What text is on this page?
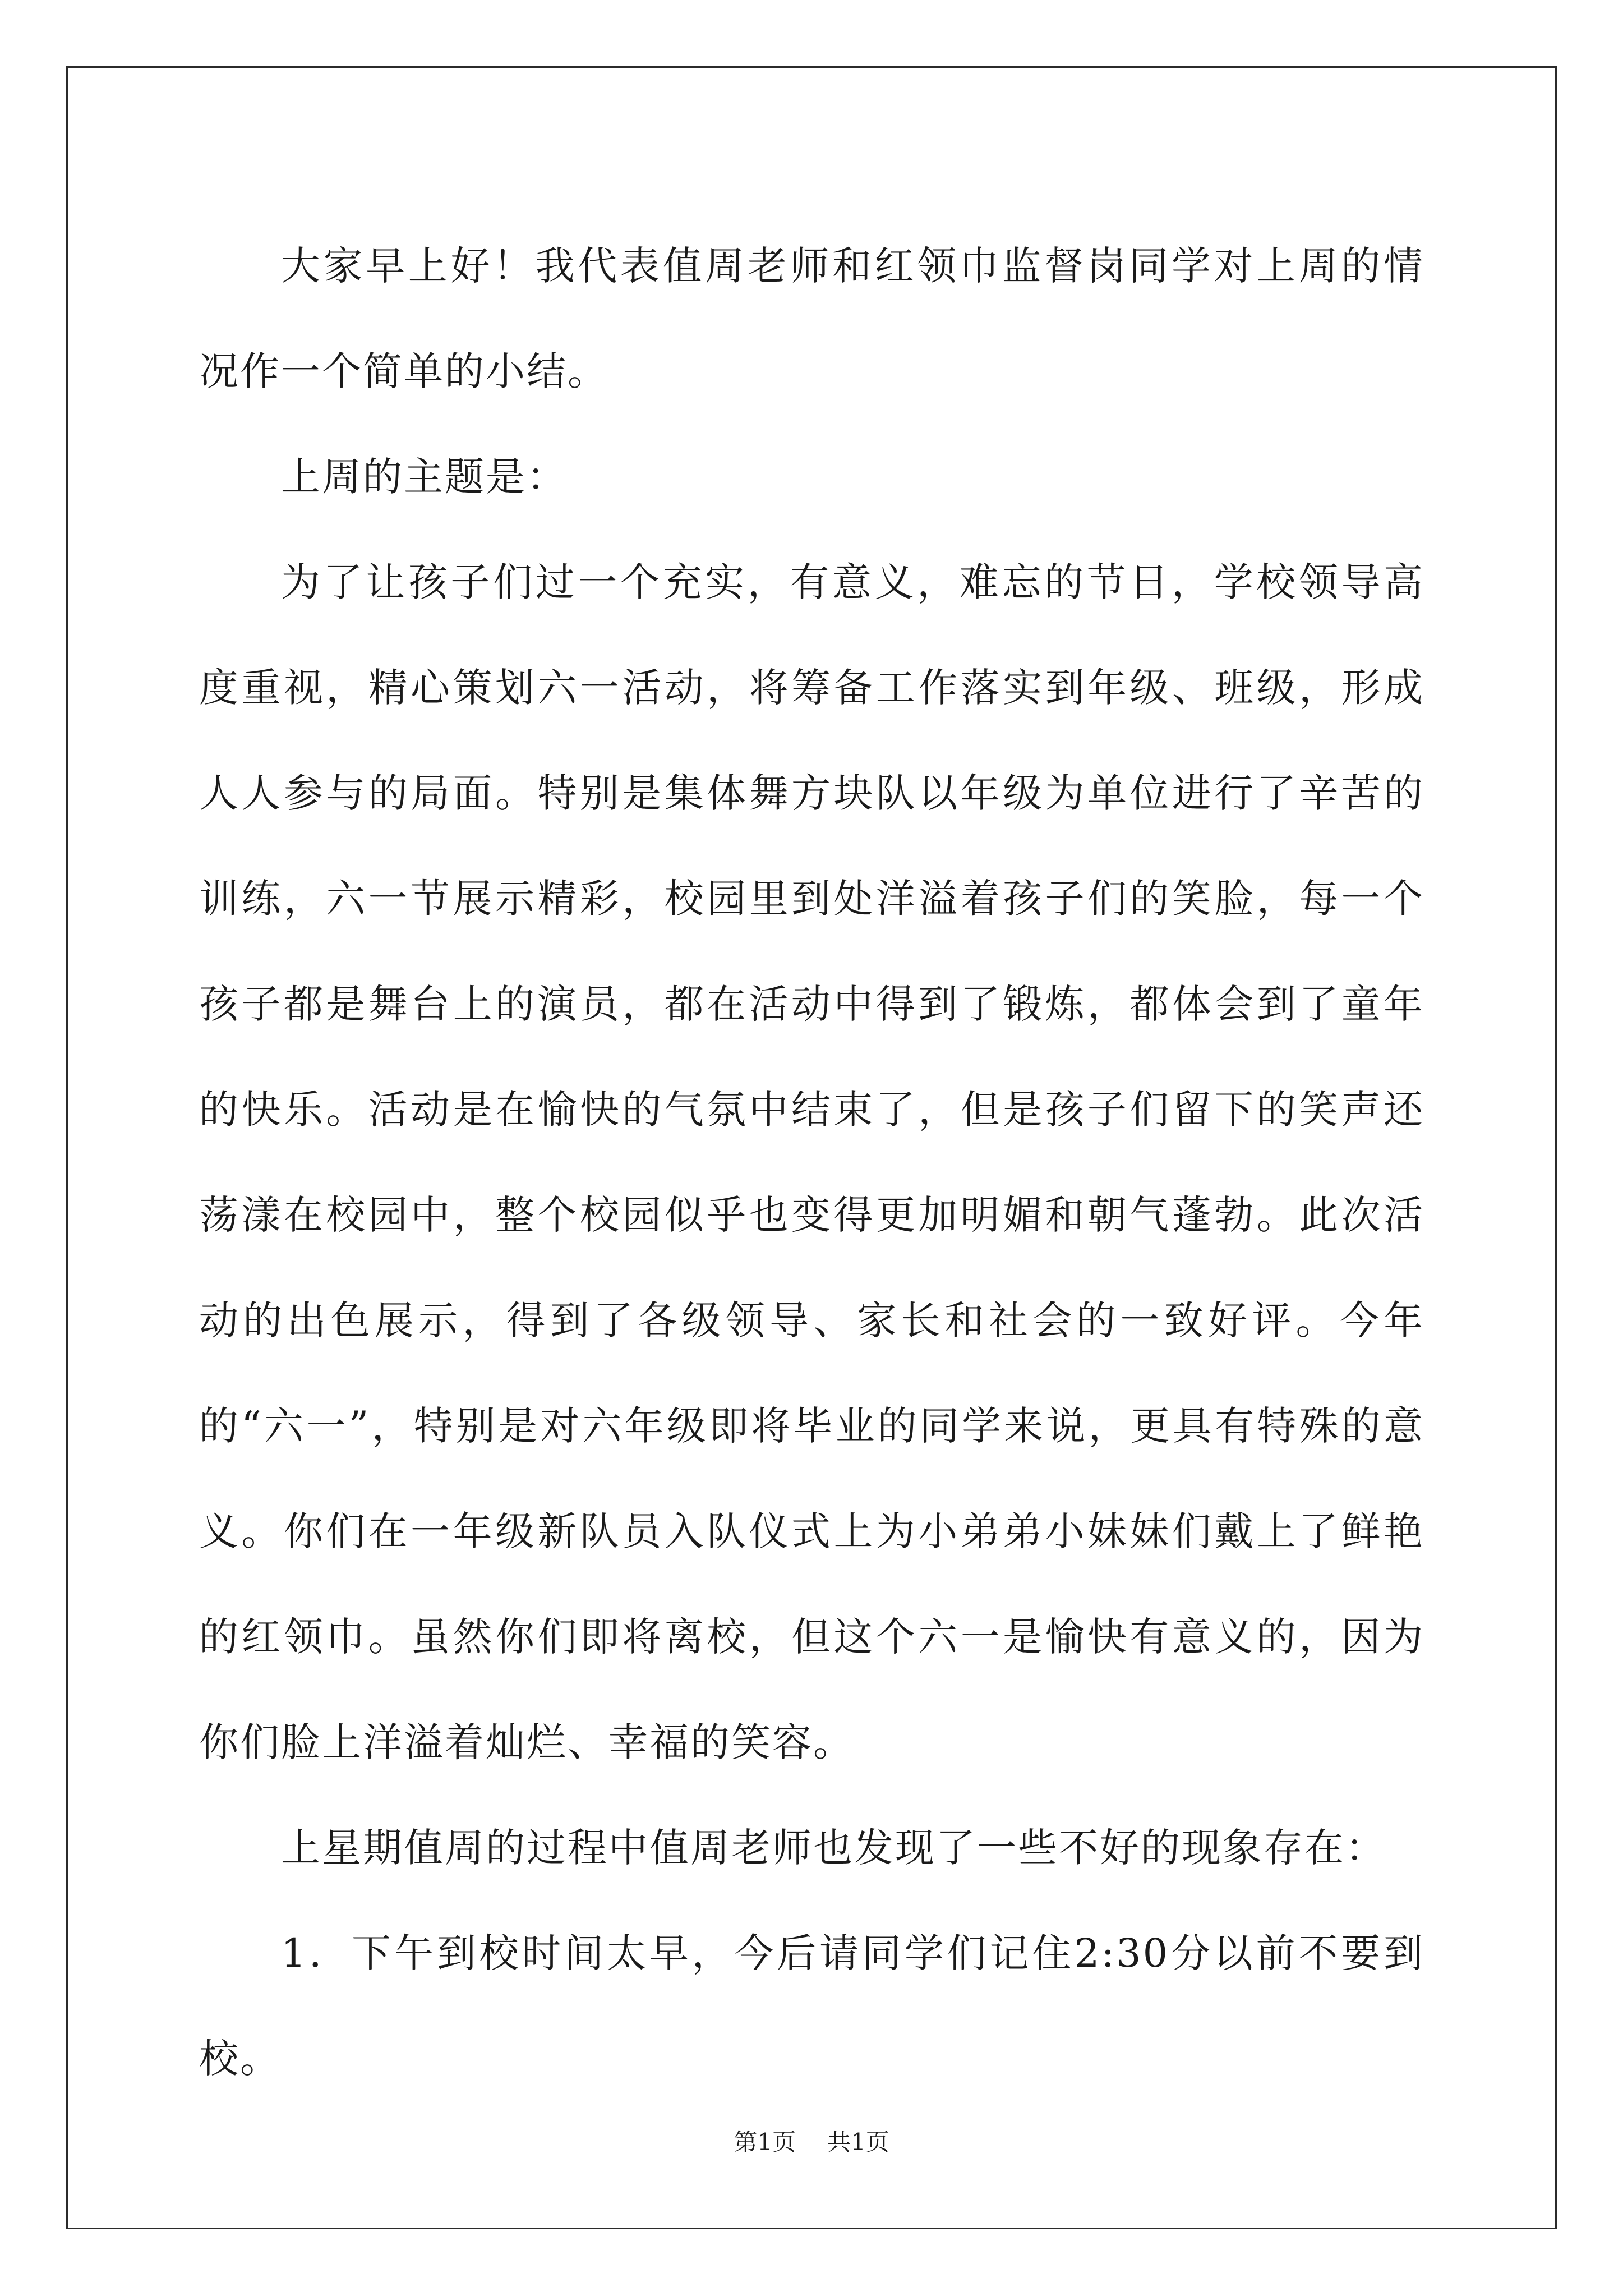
大家早上好！我代表值周老师和红领巾监督岗同学对上周的情况作一个简单的小结。

上周的主题是：

为了让孩子们过一个充实，有意义，难忘的节日，学校领导高度重视，精心策划六一活动，将筹备工作落实到年级、班级，形成人人参与的局面。特别是集体舞方块队以年级为单位进行了辛苦的训练，六一节展示精彩，校园里到处洋溢着孩子们的笑脸，每一个孩子都是舞台上的演员，都在活动中得到了锻炼，都体会到了童年的快乐。活动是在愉快的气氛中结束了，但是孩子们留下的笑声还荡漾在校园中，整个校园似乎也变得更加明媚和朝气蓬勃。此次活动的出色展示，得到了各级领导、家长和社会的一致好评。今年的“六一”，特别是对六年级即将毕业的同学来说，更具有特殊的意义。你们在一年级新队员入队仪式上为小弟弟小妹妹们戴上了鲜艳的红领巾。虽然你们即将离校，但这个六一是愉快有意义的，因为你们脸上洋溢着灿烂、幸福的笑容。

上星期值周的过程中值周老师也发现了一些不好的现象存在：

1．下午到校时间太早，今后请同学们记住2:30分以前不要到校。

第1页 共1页
